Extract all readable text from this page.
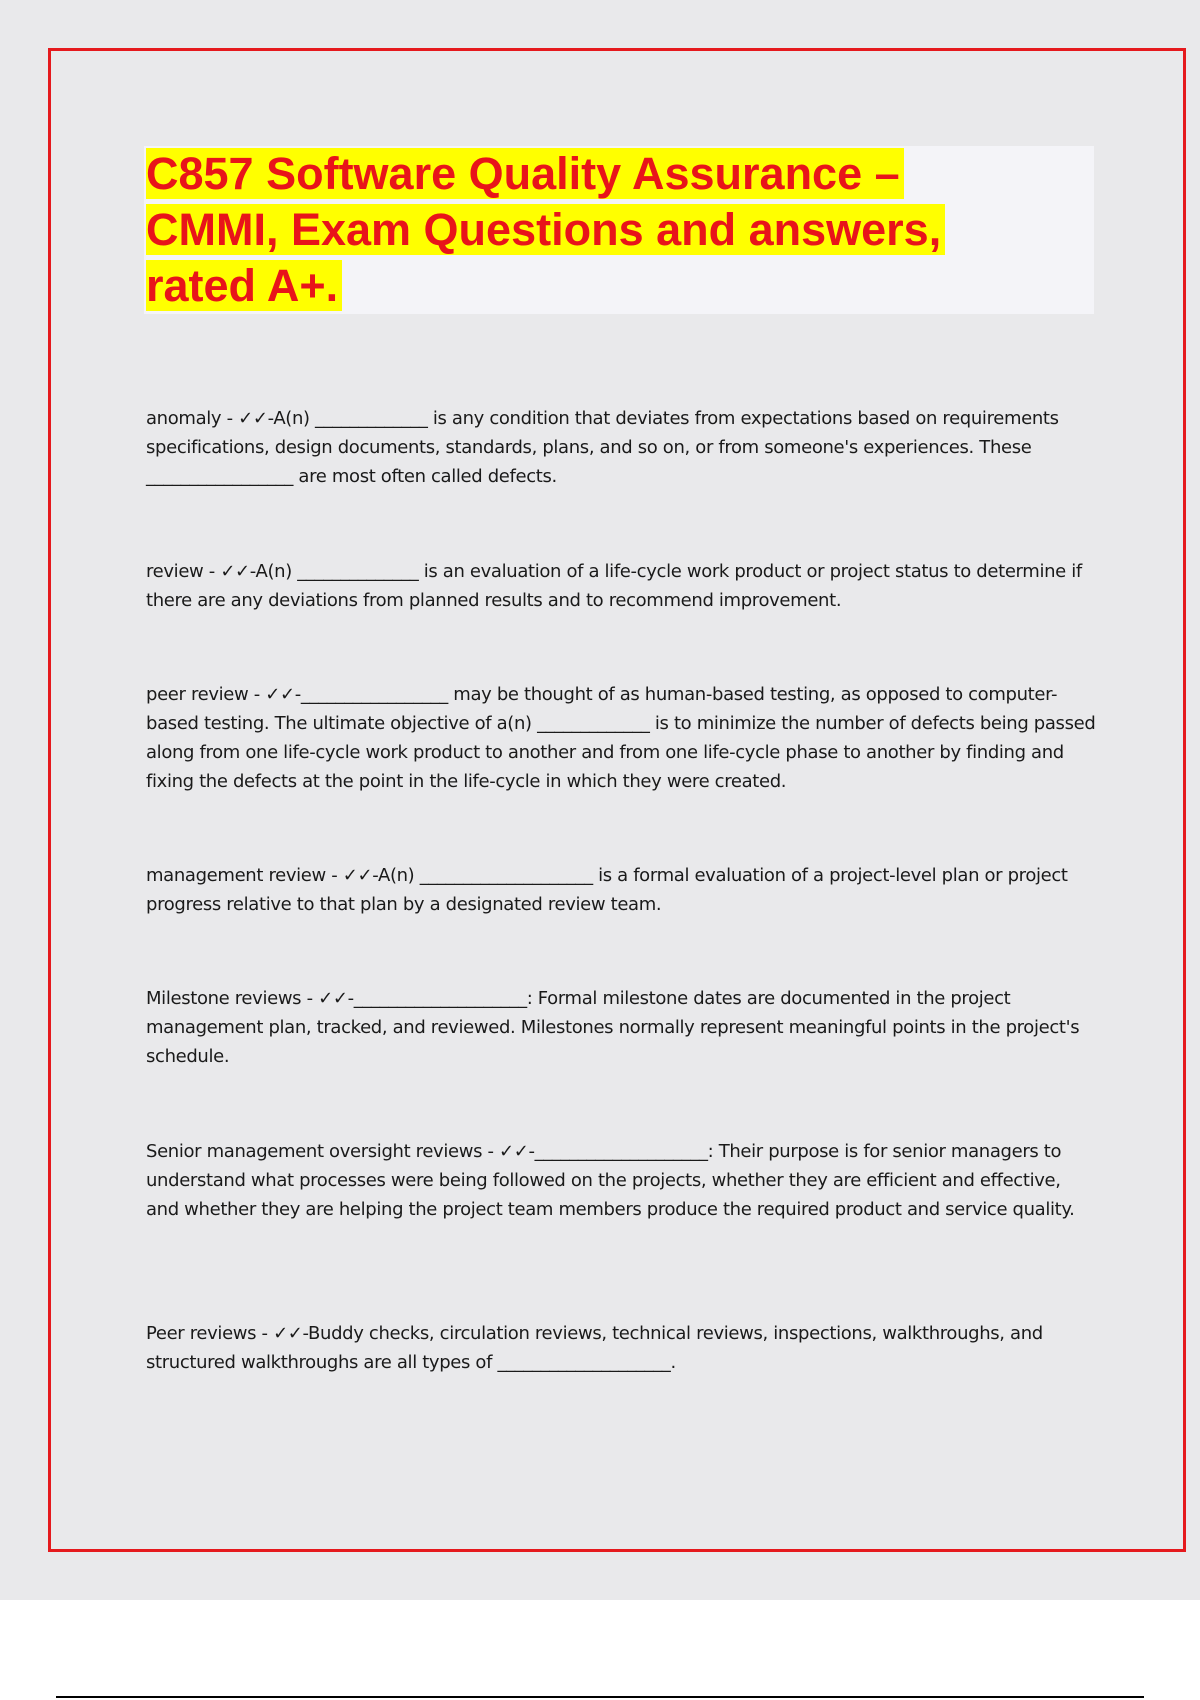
C857 Software Quality Assurance – CMMI, Exam Questions and answers, rated A+.

anomaly - ✓✓-A(n) _____________ is any condition that deviates from expectations based on requirements specifications, design documents, standards, plans, and so on, or from someone's experiences. These _________________ are most often called defects.

review - ✓✓-A(n) ______________ is an evaluation of a life-cycle work product or project status to determine if there are any deviations from planned results and to recommend improvement.

peer review - ✓✓-_________________ may be thought of as human-based testing, as opposed to computer-based testing. The ultimate objective of a(n) _____________ is to minimize the number of defects being passed along from one life-cycle work product to another and from one life-cycle phase to another by finding and fixing the defects at the point in the life-cycle in which they were created.

management review - ✓✓-A(n) ____________________ is a formal evaluation of a project-level plan or project progress relative to that plan by a designated review team.

Milestone reviews - ✓✓-____________________: Formal milestone dates are documented in the project management plan, tracked, and reviewed. Milestones normally represent meaningful points in the project's schedule.

Senior management oversight reviews - ✓✓-____________________: Their purpose is for senior managers to understand what processes were being followed on the projects, whether they are efficient and effective, and whether they are helping the project team members produce the required product and service quality.

Peer reviews - ✓✓-Buddy checks, circulation reviews, technical reviews, inspections, walkthroughs, and structured walkthroughs are all types of ____________________.
